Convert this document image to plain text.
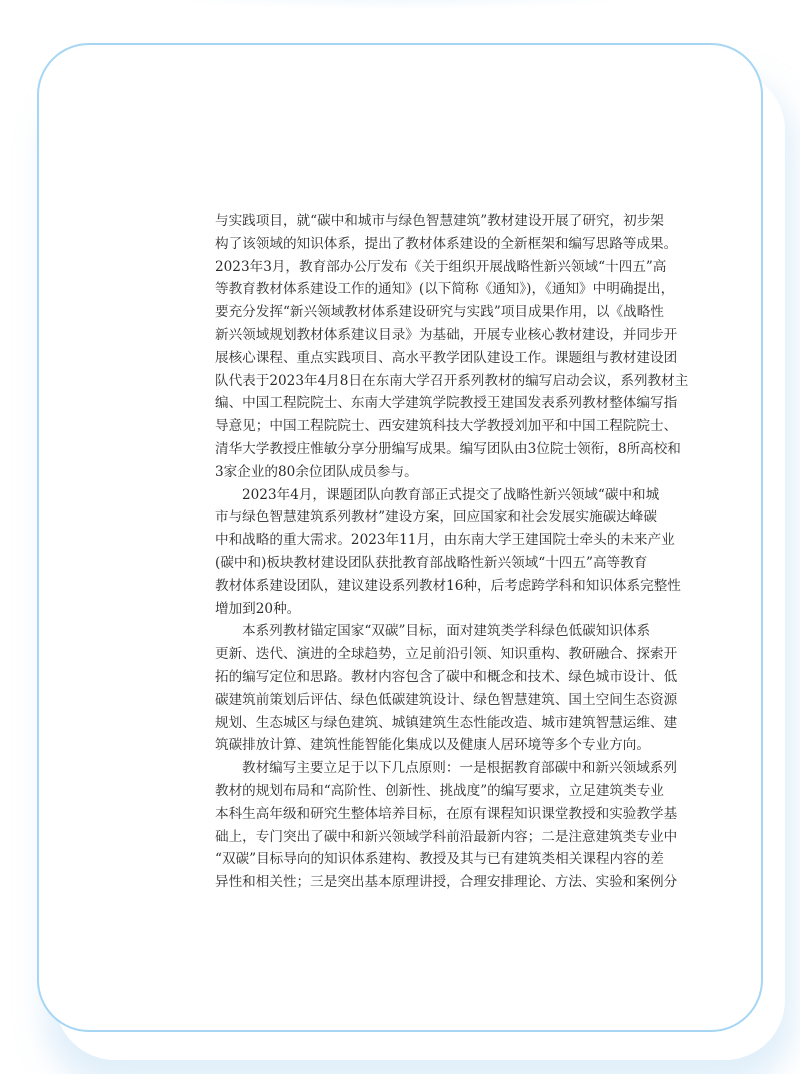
与实践项目，就“碳中和城市与绿色智慧建筑”教材建设开展了研究，初步架
构了该领域的知识体系，提出了教材体系建设的全新框架和编写思路等成果。
2023年3月，教育部办公厅发布《关于组织开展战略性新兴领域“十四五”高
等教育教材体系建设工作的通知》(以下简称《通知》)，《通知》中明确提出，
要充分发挥“新兴领域教材体系建设研究与实践”项目成果作用，以《战略性
新兴领域规划教材体系建议目录》为基础，开展专业核心教材建设，并同步开
展核心课程、重点实践项目、高水平教学团队建设工作。课题组与教材建设团
队代表于2023年4月8日在东南大学召开系列教材的编写启动会议，系列教材主
编、中国工程院院士、东南大学建筑学院教授王建国发表系列教材整体编写指
导意见；中国工程院院士、西安建筑科技大学教授刘加平和中国工程院院士、
清华大学教授庄惟敏分享分册编写成果。编写团队由3位院士领衔，8所高校和
3家企业的80余位团队成员参与。
2023年4月，课题团队向教育部正式提交了战略性新兴领域“碳中和城
市与绿色智慧建筑系列教材”建设方案，回应国家和社会发展实施碳达峰碳
中和战略的重大需求。2023年11月，由东南大学王建国院士牵头的未来产业
(碳中和)板块教材建设团队获批教育部战略性新兴领域“十四五”高等教育
教材体系建设团队，建议建设系列教材16种，后考虑跨学科和知识体系完整性
增加到20种。
本系列教材锚定国家“双碳”目标，面对建筑类学科绿色低碳知识体系
更新、迭代、演进的全球趋势，立足前沿引领、知识重构、教研融合、探索开
拓的编写定位和思路。教材内容包含了碳中和概念和技术、绿色城市设计、低
碳建筑前策划后评估、绿色低碳建筑设计、绿色智慧建筑、国土空间生态资源
规划、生态城区与绿色建筑、城镇建筑生态性能改造、城市建筑智慧运维、建
筑碳排放计算、建筑性能智能化集成以及健康人居环境等多个专业方向。
教材编写主要立足于以下几点原则：一是根据教育部碳中和新兴领域系列
教材的规划布局和“高阶性、创新性、挑战度”的编写要求，立足建筑类专业
本科生高年级和研究生整体培养目标，在原有课程知识课堂教授和实验教学基
础上，专门突出了碳中和新兴领域学科前沿最新内容；二是注意建筑类专业中
“双碳”目标导向的知识体系建构、教授及其与已有建筑类相关课程内容的差
异性和相关性；三是突出基本原理讲授，合理安排理论、方法、实验和案例分
